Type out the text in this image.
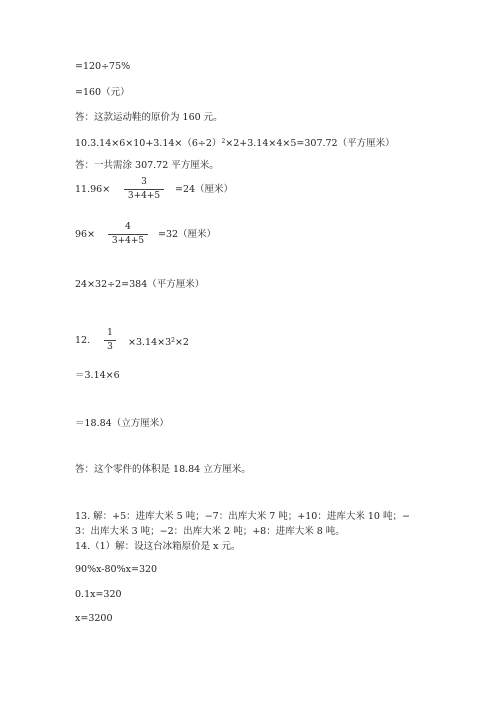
=120÷75%
=160（元）
答：这款运动鞋的原价为 160 元。
$10.3.14\times 6\times 10+3.14\times(6\div 2)^2\times 2+3.14\times 4\times 5=307.72$（平方厘米）
答：一共需涂 307.72 平方厘米。
11.96×
3
3+4+5
=24（厘米）
96×
4
3+4+5
=32（厘米）
24×32÷2=384（平方厘米）
12.
1
3	$\times 3.14\times 3^2\times 2$
＝3.14×6
＝18.84（立方厘米）
答：这个零件的体积是 18.84 立方厘米。
13. 解：+5：进库大米 5 吨；−7：出库大米 7 吨；+10：进库大米 10 吨；−
3：出库大米 3 吨；−2：出库大米 2 吨；+8：进库大米 8 吨。
14.（1）解：设这台冰箱原价是 x 元。
90%x-80%x=320
0.1x=320
x=3200
